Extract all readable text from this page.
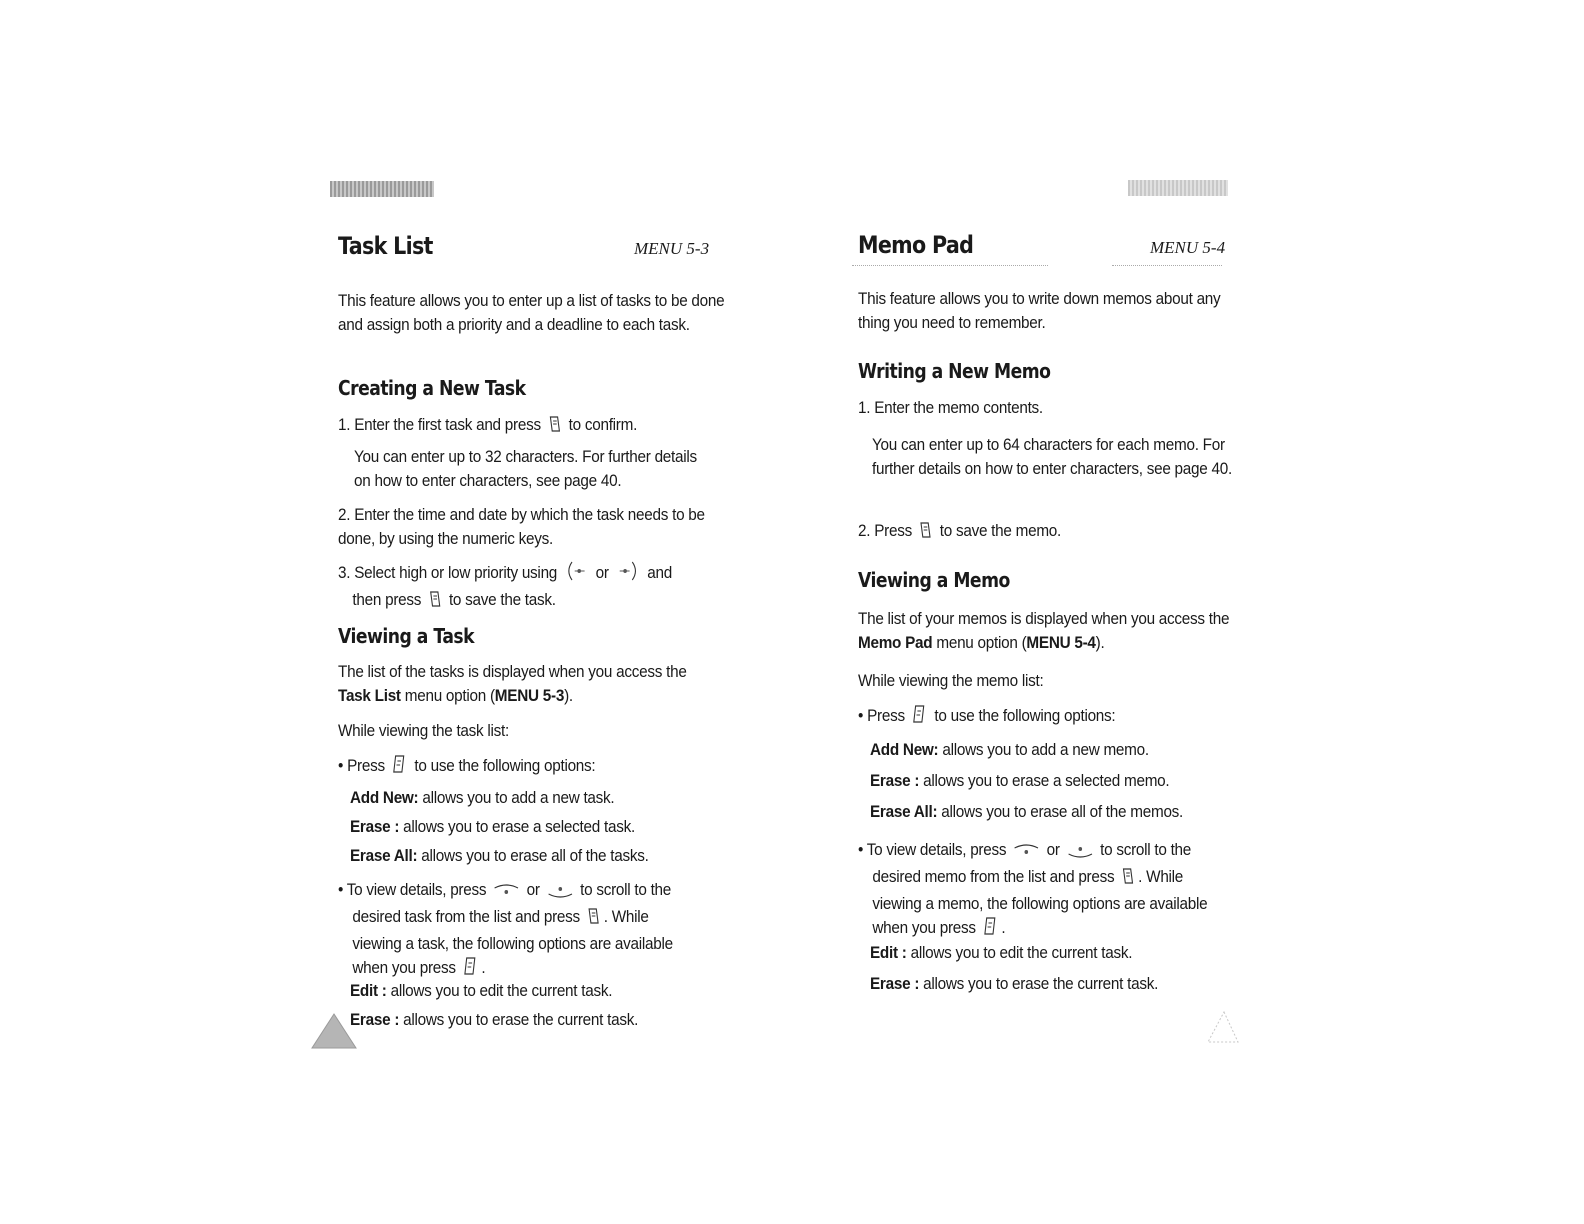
Task List	MENU 5-3
This feature allows you to enter up a list of tasks to be done and assign both a priority and a deadline to each task.
Creating a New Task
1. Enter the first task and press to confirm.
You can enter up to 32 characters. For further details on how to enter characters, see page 40.
2. Enter the time and date by which the task needs to be done, by using the numeric keys.
3. Select high or low priority using or and
then press to save the task.
Viewing a Task
The list of the tasks is displayed when you access the Task List menu option (MENU 5-3).
While viewing the task list:
• Press to use the following options:
Add New: allows you to add a new task.
Erase : allows you to erase a selected task.
Erase All: allows you to erase all of the tasks.
• To view details, press or to scroll to the
desired task from the list and press . While
viewing a task, the following options are available
when you press .
Edit : allows you to edit the current task.
Erase : allows you to erase the current task.
Memo Pad	MENU 5-4
This feature allows you to write down memos about any thing you need to remember.
Writing a New Memo
1. Enter the memo contents.
You can enter up to 64 characters for each memo. For further details on how to enter characters, see page 40.
2. Press to save the memo.
Viewing a Memo
The list of your memos is displayed when you access the Memo Pad menu option (MENU 5-4).
While viewing the memo list:
• Press to use the following options:
Add New: allows you to add a new memo.
Erase : allows you to erase a selected memo.
Erase All: allows you to erase all of the memos.
• To view details, press or to scroll to the
desired memo from the list and press . While
viewing a memo, the following options are available
when you press .
Edit : allows you to edit the current task.
Erase : allows you to erase the current task.
